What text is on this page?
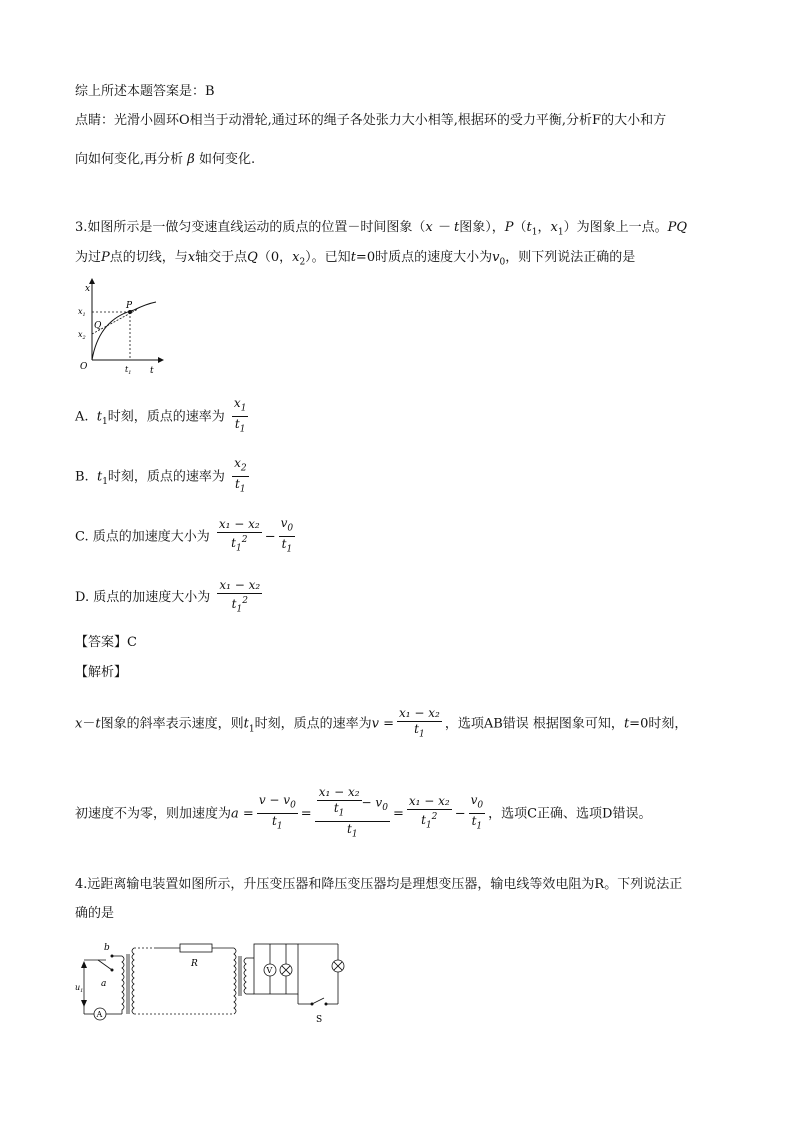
综上所述本题答案是：B
点睛：光滑小圆环O相当于动滑轮,通过环的绳子各处张力大小相等,根据环的受力平衡,分析F的大小和方
向如何变化,再分析 β 如何变化.
3.如图所示是一做匀变速直线运动的质点的位置－时间图象（x － t图象），$P(t_1$，$x_1$）为图象上一点。PQ
为过P点的切线，与x轴交于点Q（0，$x_2$）。已知t=0时质点的速度大小为$v_0$，则下列说法正确的是
x
t
O
P
Q
$x_1$
$x_2$
$t_1$
A. $t_1$时刻，质点的速率为 $\frac{x_1}{t_1}$
B. $t_1$时刻，质点的速率为 $\frac{x_2}{t_1}$
C. 质点的加速度大小为 $\frac{\text{x₁ − x₂}}{t_1^2} - \frac{v_0}{t_1}$
D. 质点的加速度大小为 $\frac{\text{x₁ − x₂}}{t_1^2}$
【答案】C
【解析】
x－t图象的斜率表示速度，则$t_1$时刻，质点的速率为$v = \frac{\text{x₁ − x₂}}{t_1}$ ，选项AB错误 根据图象可知，t=0时刻，
初速度不为零，则加速度为$a = \frac{v - v_0}{t_1} = \frac{\frac{\text{x₁ − x₂}}{t_1} - v_0}{t_1} = \frac{\text{x₁ − x₂}}{t_1^2} - \frac{v_0}{t_1}$ ，选项C正确、选项D错误。
4.远距离输电装置如图所示，升压变压器和降压变压器均是理想变压器，输电线等效电阻为R。下列说法正
确的是
$u_1$
b
a
A
R
V
S
